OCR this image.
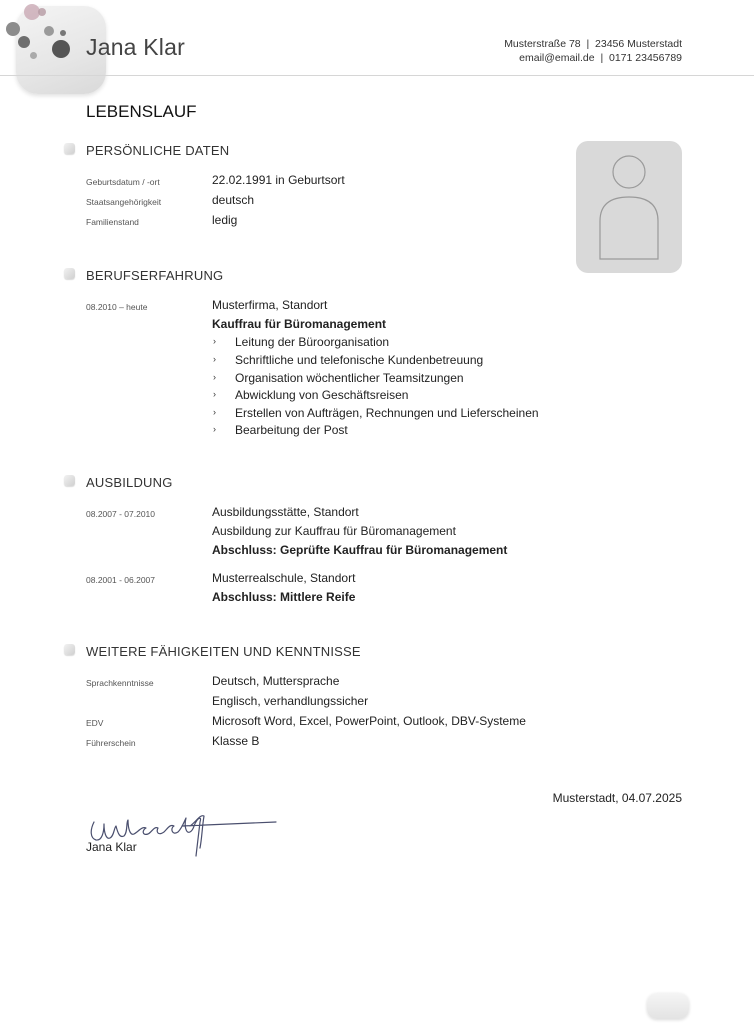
Jana Klar	Musterstraße 78  |  23456 Musterstadt
email@email.de  |  0171 23456789
LEBENSLAUF
PERSÖNLICHE DATEN
Geburtsdatum / -ort	22.02.1991 in Geburtsort
Staatsangehörigkeit	deutsch
Familienstand	ledig
BERUFSERFAHRUNG
08.2010 – heute	Musterfirma, Standort
Kauffrau für Büromanagement
› Leitung der Büroorganisation
› Schriftliche und telefonische Kundenbetreuung
› Organisation wöchentlicher Teamsitzungen
› Abwicklung von Geschäftsreisen
› Erstellen von Aufträgen, Rechnungen und Lieferscheinen
› Bearbeitung der Post
AUSBILDUNG
08.2007 - 07.2010	Ausbildungsstätte, Standort
Ausbildung zur Kauffrau für Büromanagement
Abschluss: Geprüfte Kauffrau für Büromanagement
08.2001 - 06.2007	Musterrealschule, Standort
Abschluss: Mittlere Reife
WEITERE FÄHIGKEITEN UND KENNTNISSE
Sprachkenntnisse	Deutsch, Muttersprache
Englisch, verhandlungssicher
EDV	Microsoft Word, Excel, PowerPoint, Outlook, DBV-Systeme
Führerschein	Klasse B
Musterstadt, 04.07.2025
Jana Klar
